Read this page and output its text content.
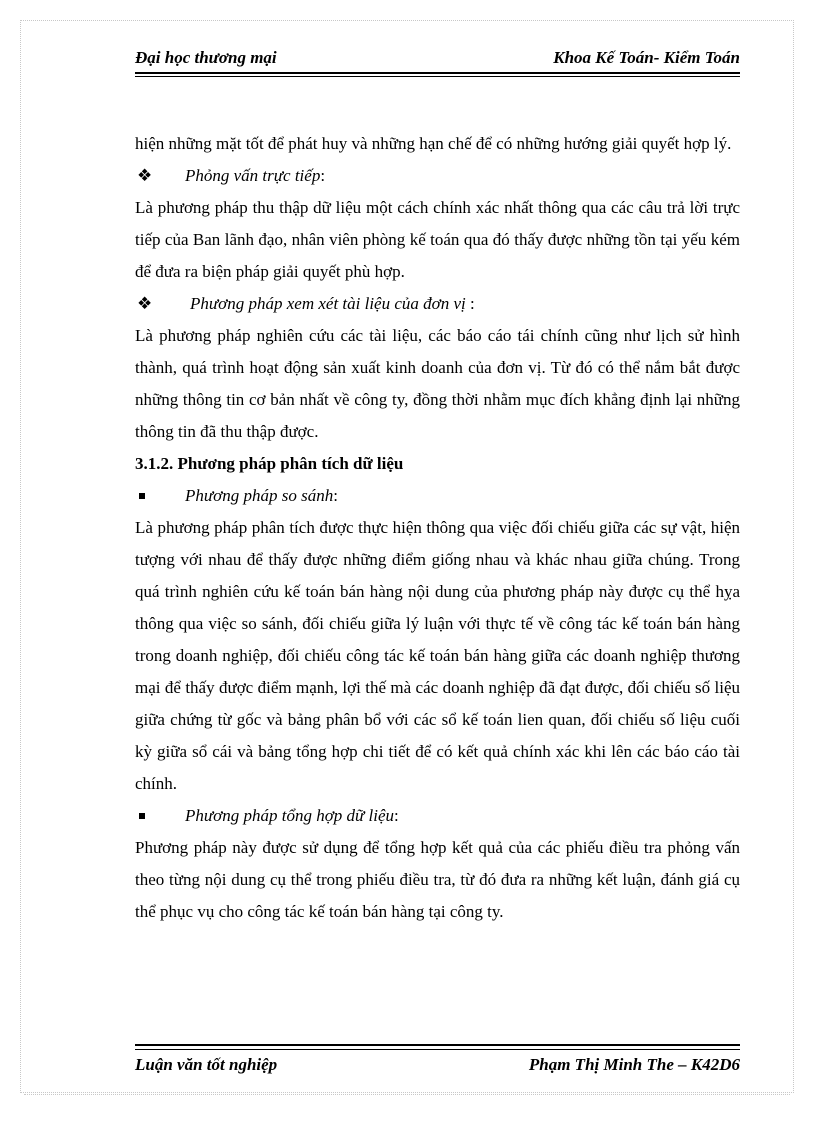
Đại học thương mại	Khoa Kế Toán- Kiểm Toán

hiện những mặt tốt để phát huy và những hạn chế để có những hướng giải quyết hợp lý.

❖ Phỏng vấn trực tiếp:

Là phương pháp thu thập dữ liệu một cách chính xác nhất thông qua các câu trả lời trực tiếp của Ban lãnh đạo, nhân viên phòng kế toán qua đó thấy được những tồn tại yếu kém để đưa ra biện pháp giải quyết phù hợp.

❖ Phương pháp xem xét tài liệu của đơn vị :

Là phương pháp nghiên cứu các tài liệu, các báo cáo tái chính cũng như lịch sử hình thành, quá trình hoạt động sản xuất kinh doanh của đơn vị. Từ đó có thể nắm bắt được những thông tin cơ bản nhất về công ty, đồng thời nhằm mục đích khẳng định lại những thông tin đã thu thập được.

3.1.2. Phương pháp phân tích dữ liệu
Phương pháp so sánh:

Là phương pháp phân tích được thực hiện thông qua việc đối chiếu giữa các sự vật, hiện tượng với nhau để thấy được những điểm giống nhau và khác nhau giữa chúng. Trong quá trình nghiên cứu kế toán bán hàng nội dung của phương pháp này được cụ thể hỵa thông qua việc so sánh, đối chiếu giữa lý luận với thực tế về công tác kế toán bán hàng trong doanh nghiệp, đối chiếu công tác kế toán bán hàng giữa các doanh nghiệp thương mại để thấy được điểm mạnh, lợi thế mà các doanh nghiệp đã đạt được, đối chiếu số liệu giữa chứng từ gốc và bảng phân bổ với các sổ kế toán lien quan, đối chiếu số liệu cuối kỳ giữa sổ cái và bảng tổng hợp chi tiết để có kết quả chính xác khi lên các báo cáo tài chính.

Phương pháp tổng hợp dữ liệu:

Phương pháp này được sử dụng để tổng hợp kết quả của các phiếu điều tra phỏng vấn theo từng nội dung cụ thể trong phiếu điều tra, từ đó đưa ra những kết luận, đánh giá cụ thể phục vụ cho công tác kế toán bán hàng tại công ty.

Luận văn tốt nghiệp	Phạm Thị Minh The – K42D6
